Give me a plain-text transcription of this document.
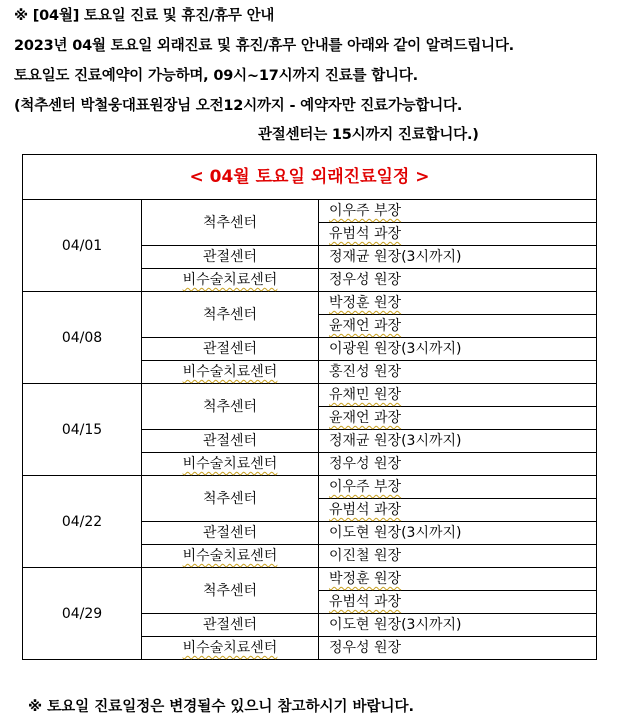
※ [04월] 토요일 진료 및 휴진/휴무 안내
2023년 04월 토요일 외래진료 및 휴진/휴무 안내를 아래와 같이 알려드립니다.
토요일도 진료예약이 가능하며, 09시~17시까지 진료를 합니다.
(척추센터 박철웅대표원장님 오전12시까지 - 예약자만 진료가능합니다.
관절센터는 15시까지 진료합니다.)
< 04월 토요일 외래진료일정 >		
04/01	척추센터	이우주 부장
		유범석 과장
	관절센터	정재균 원장(3시까지)
	비수술치료센터	정우성 원장
04/08	척추센터	박정훈 원장
		윤재언 과장
	관절센터	이광원 원장(3시까지)
	비수술치료센터	홍진성 원장
04/15	척추센터	유채민 원장
		윤재언 과장
	관절센터	정재균 원장(3시까지)
	비수술치료센터	정우성 원장
04/22	척추센터	이우주 부장
		유범석 과장
	관절센터	이도현 원장(3시까지)
	비수술치료센터	이진철 원장
04/29	척추센터	박정훈 원장
		유범석 과장
	관절센터	이도현 원장(3시까지)
	비수술치료센터	정우성 원장
※ 토요일 진료일정은 변경될수 있으니 참고하시기 바랍니다.
